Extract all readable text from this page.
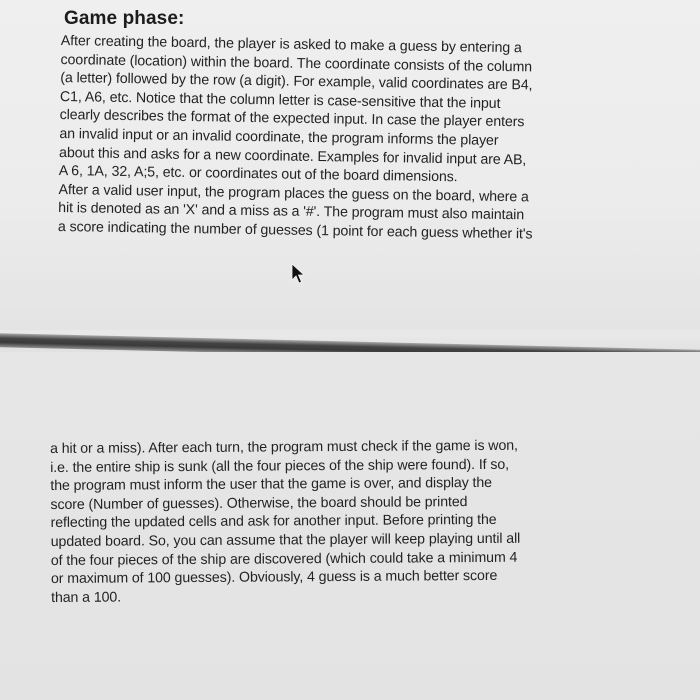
Game phase:
After creating the board, the player is asked to make a guess by entering a
coordinate (location) within the board. The coordinate consists of the column
(a letter) followed by the row (a digit). For example, valid coordinates are B4,
C1, A6, etc. Notice that the column letter is case-sensitive that the input
clearly describes the format of the expected input. In case the player enters
an invalid input or an invalid coordinate, the program informs the player
about this and asks for a new coordinate. Examples for invalid input are AB,
A 6, 1A, 32, A;5, etc. or coordinates out of the board dimensions.
After a valid user input, the program places the guess on the board, where a
hit is denoted as an 'X' and a miss as a '#'. The program must also maintain
a score indicating the number of guesses (1 point for each guess whether it's
a hit or a miss). After each turn, the program must check if the game is won,
i.e. the entire ship is sunk (all the four pieces of the ship were found). If so,
the program must inform the user that the game is over, and display the
score (Number of guesses). Otherwise, the board should be printed
reflecting the updated cells and ask for another input. Before printing the
updated board. So, you can assume that the player will keep playing until all
of the four pieces of the ship are discovered (which could take a minimum 4
or maximum of 100 guesses). Obviously, 4 guess is a much better score
than a 100.
